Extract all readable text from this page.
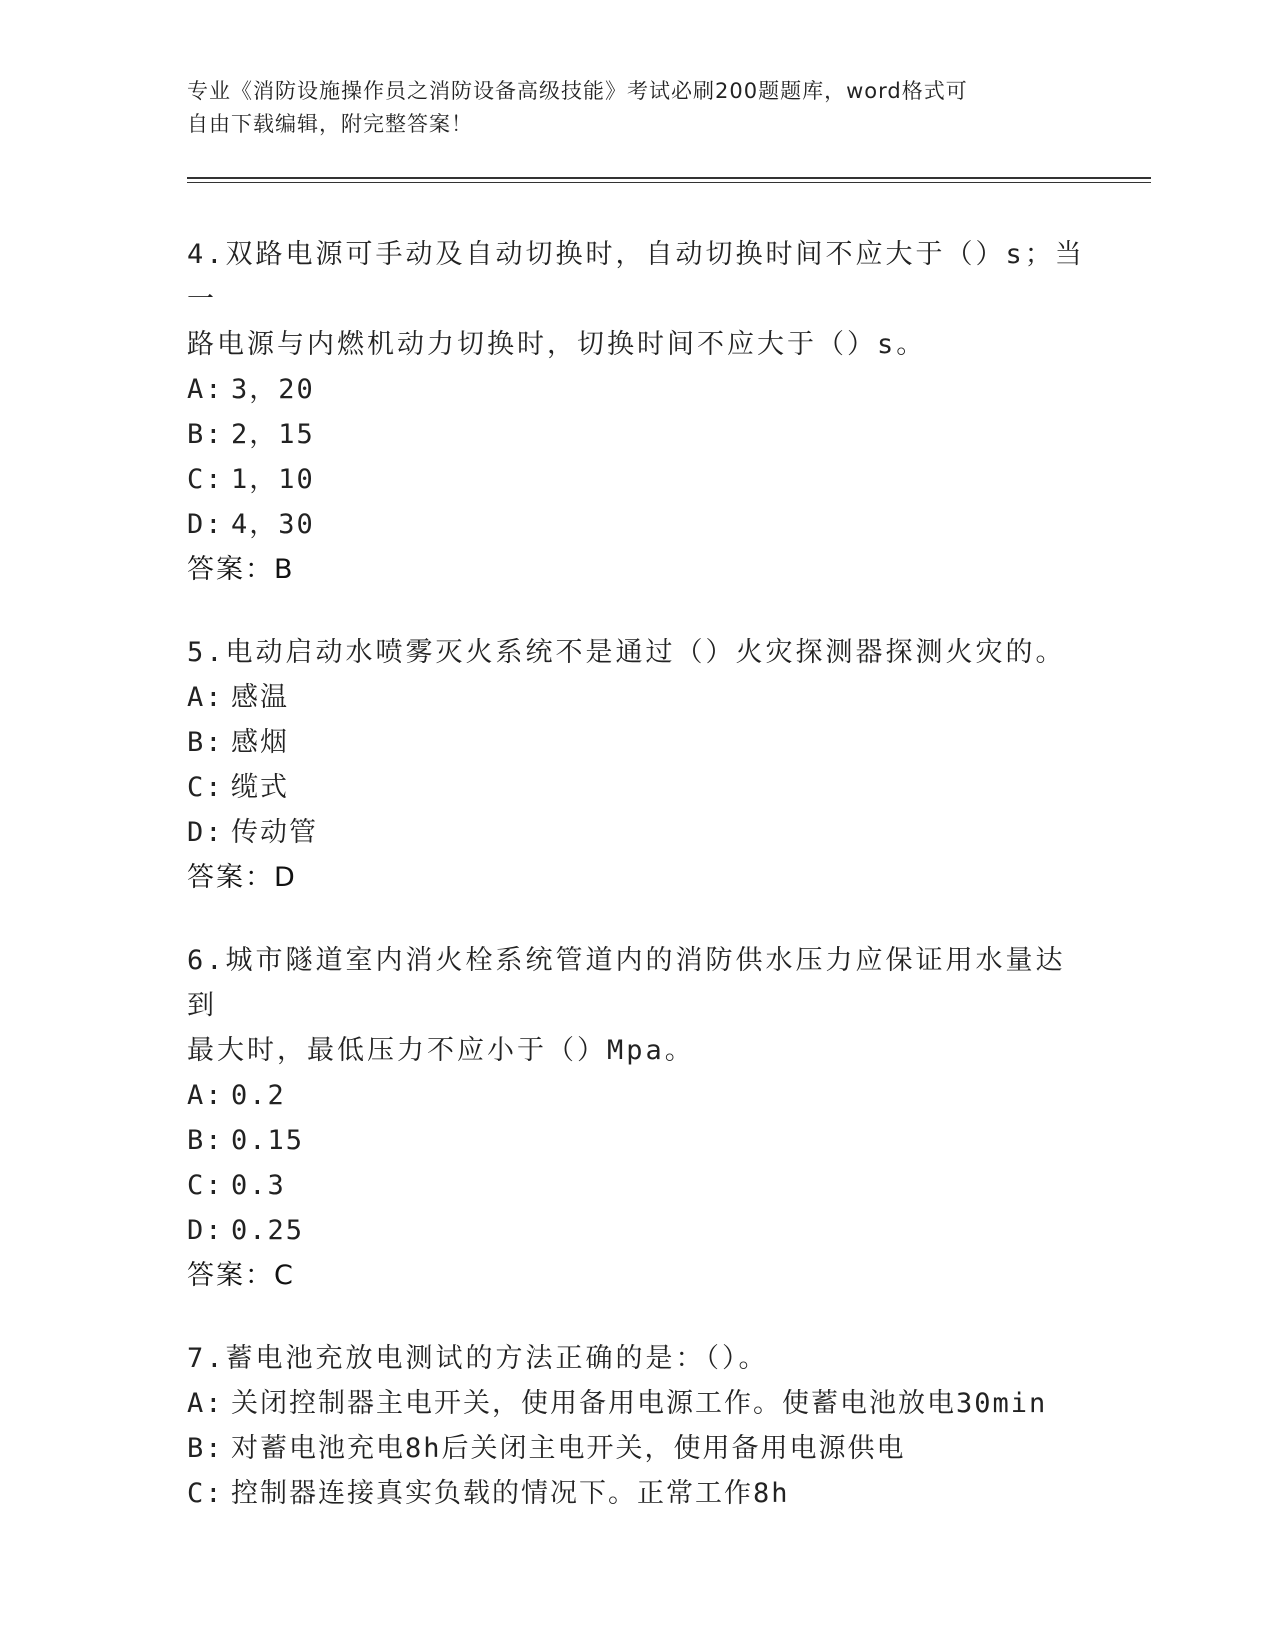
专业《消防设施操作员之消防设备高级技能》考试必刷200题题库，word格式可
自由下载编辑，附完整答案！
4.双路电源可手动及自动切换时，自动切换时间不应大于（）s；当一
路电源与内燃机动力切换时，切换时间不应大于（）s。
A: 3，20
B: 2，15
C: 1，10
D: 4，30
答案：B
5.电动启动水喷雾灭火系统不是通过（）火灾探测器探测火灾的。
A: 感温
B: 感烟
C: 缆式
D: 传动管
答案：D
6.城市隧道室内消火栓系统管道内的消防供水压力应保证用水量达到
最大时，最低压力不应小于（）Mpa。
A: 0.2
B: 0.15
C: 0.3
D: 0.25
答案：C
7.蓄电池充放电测试的方法正确的是：（）。
A: 关闭控制器主电开关，使用备用电源工作。使蓄电池放电30min
B: 对蓄电池充电8h后关闭主电开关，使用备用电源供电
C: 控制器连接真实负载的情况下。正常工作8h
